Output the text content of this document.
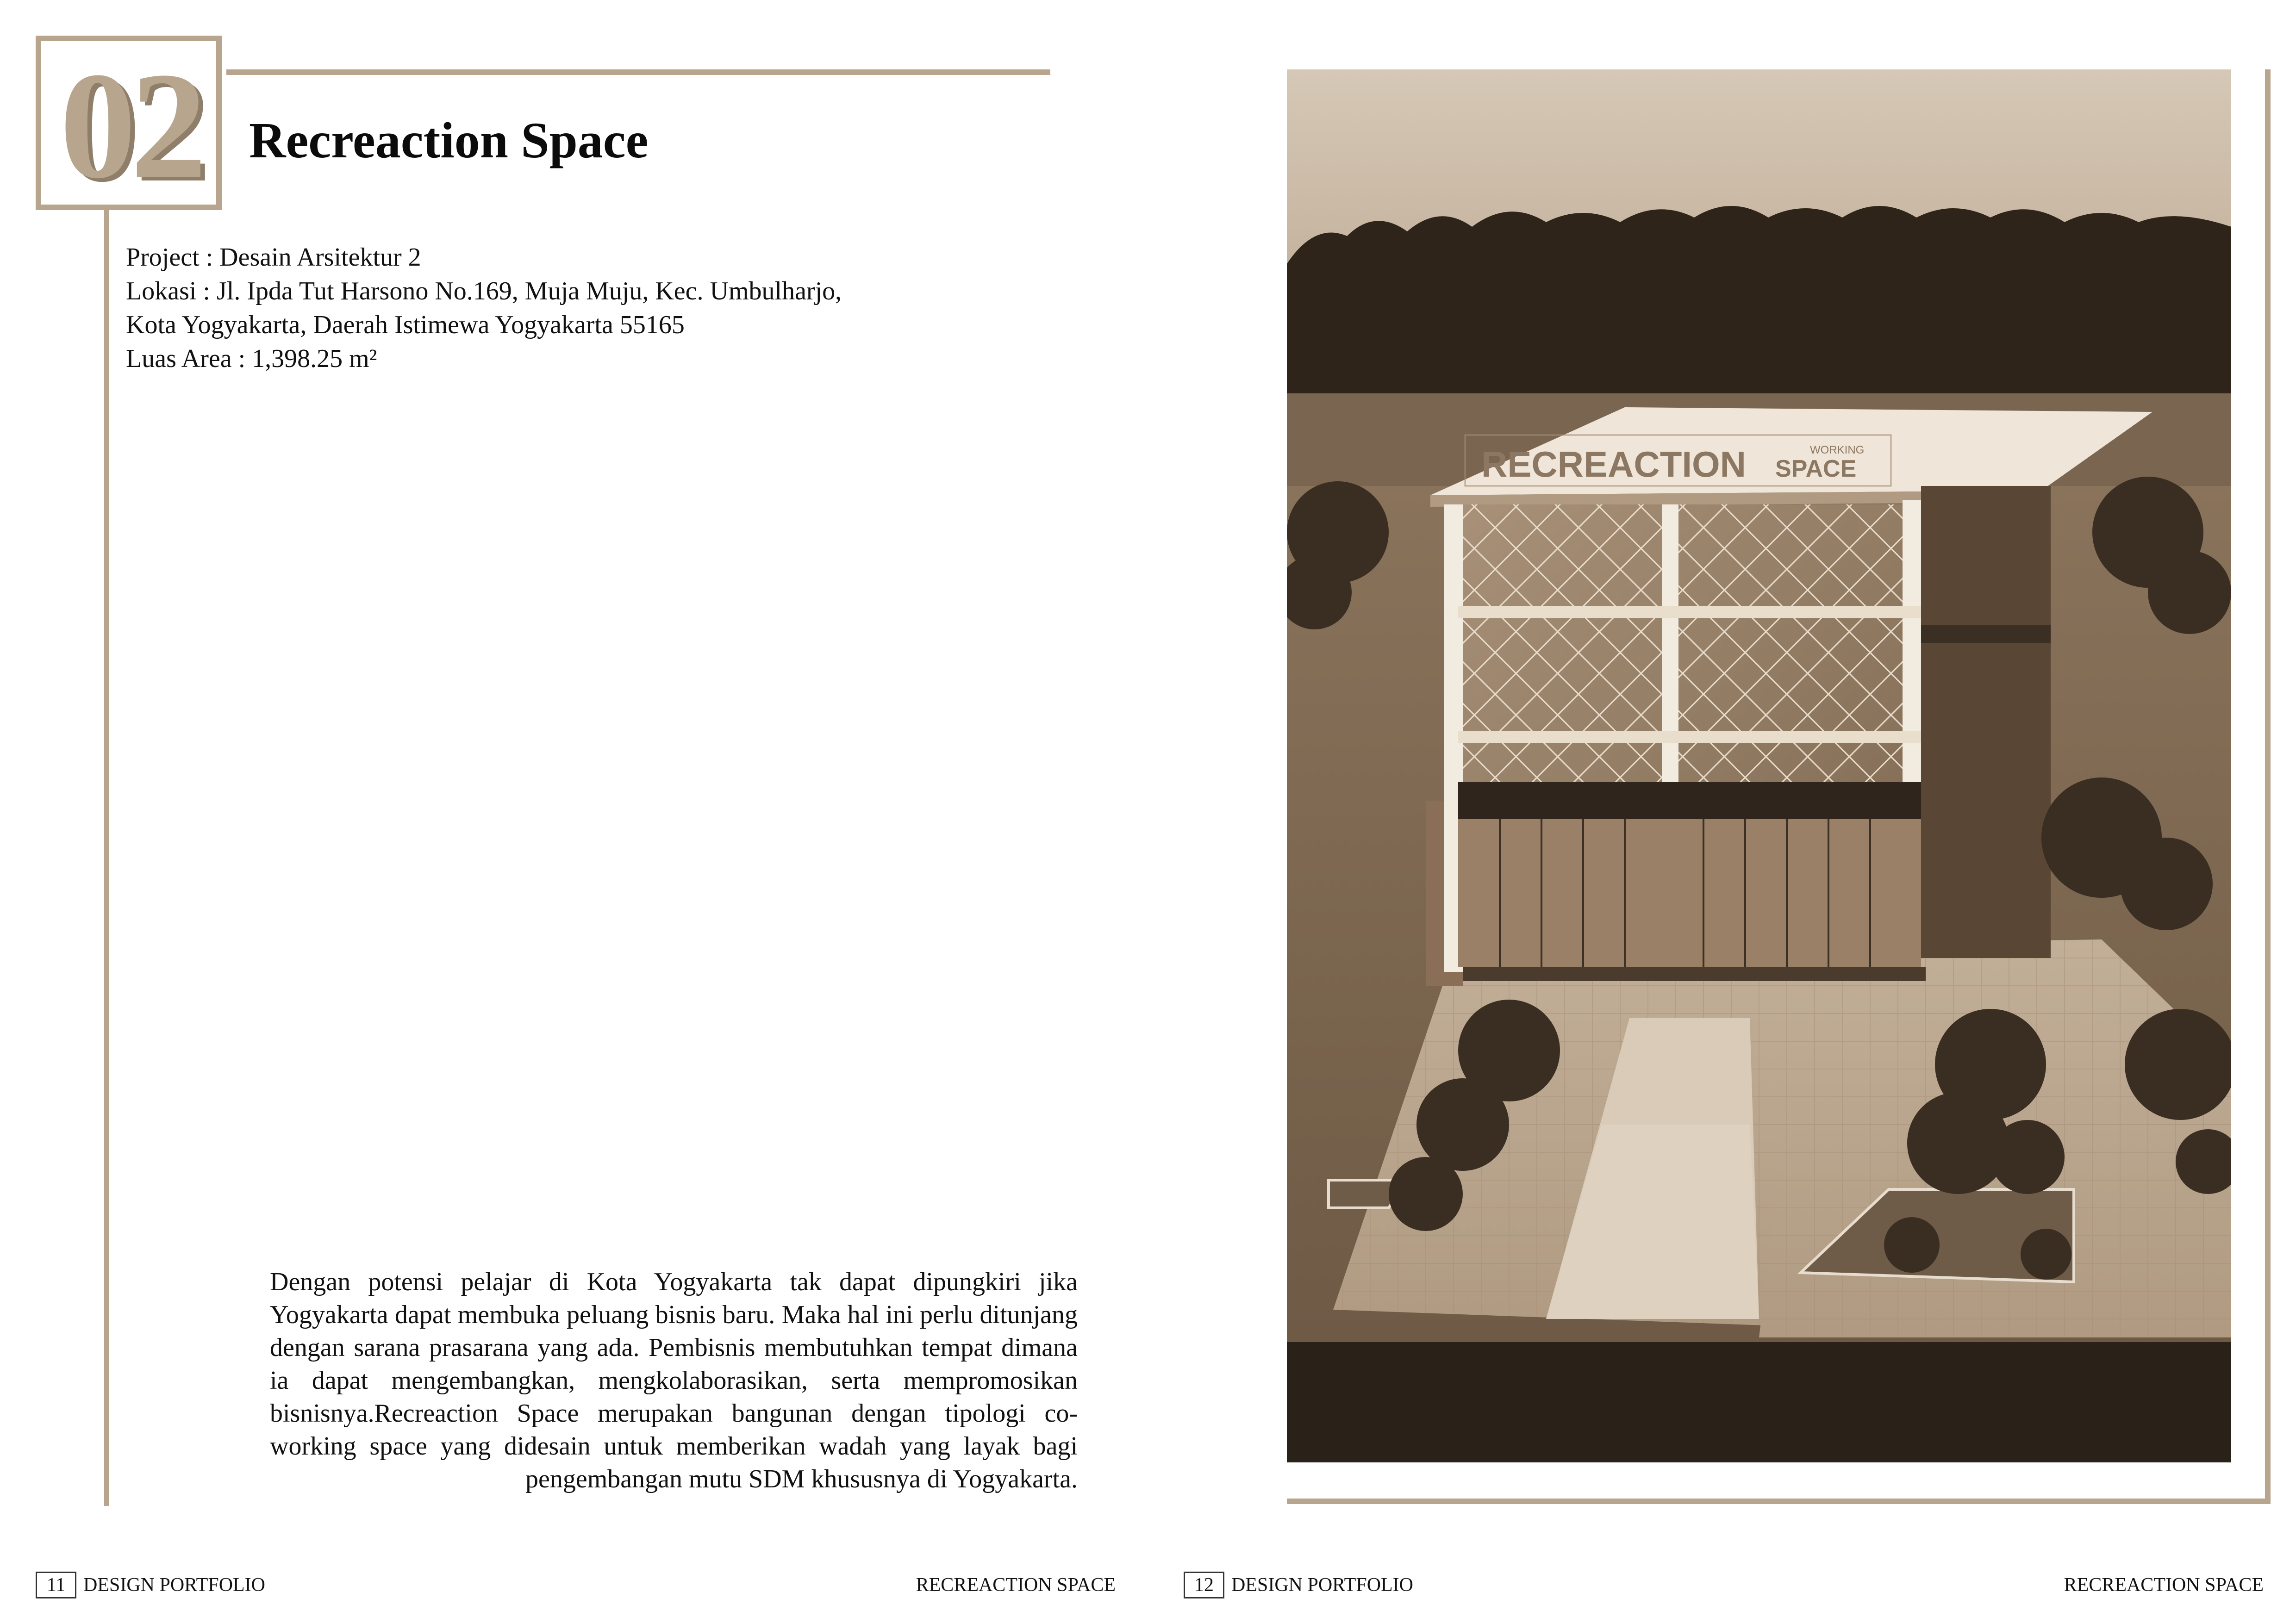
02 Recreaction Space
Project : Desain Arsitektur 2
Lokasi : Jl. Ipda Tut Harsono No.169, Muja Muju, Kec. Umbulharjo,
Kota Yogyakarta, Daerah Istimewa Yogyakarta 55165
Luas Area : 1,398.25 m²
Dengan potensi pelajar di Kota Yogyakarta tak dapat dipungkiri jika Yogyakarta dapat membuka peluang bisnis baru. Maka hal ini perlu ditunjang dengan sarana prasarana yang ada. Pembisnis membutuhkan tempat dimana ia dapat mengembangkan, mengkolaborasikan, serta mempromosikan bisnisnya.Recreaction Space merupakan bangunan dengan tipologi co-working space yang didesain untuk memberikan wadah yang layak bagi pengembangan mutu SDM khususnya di Yogyakarta.
11 DESIGN PORTFOLIO	RECREACTION SPACE
RECREACTION SPACE
WORKING
12 DESIGN PORTFOLIO	RECREACTION SPACE
